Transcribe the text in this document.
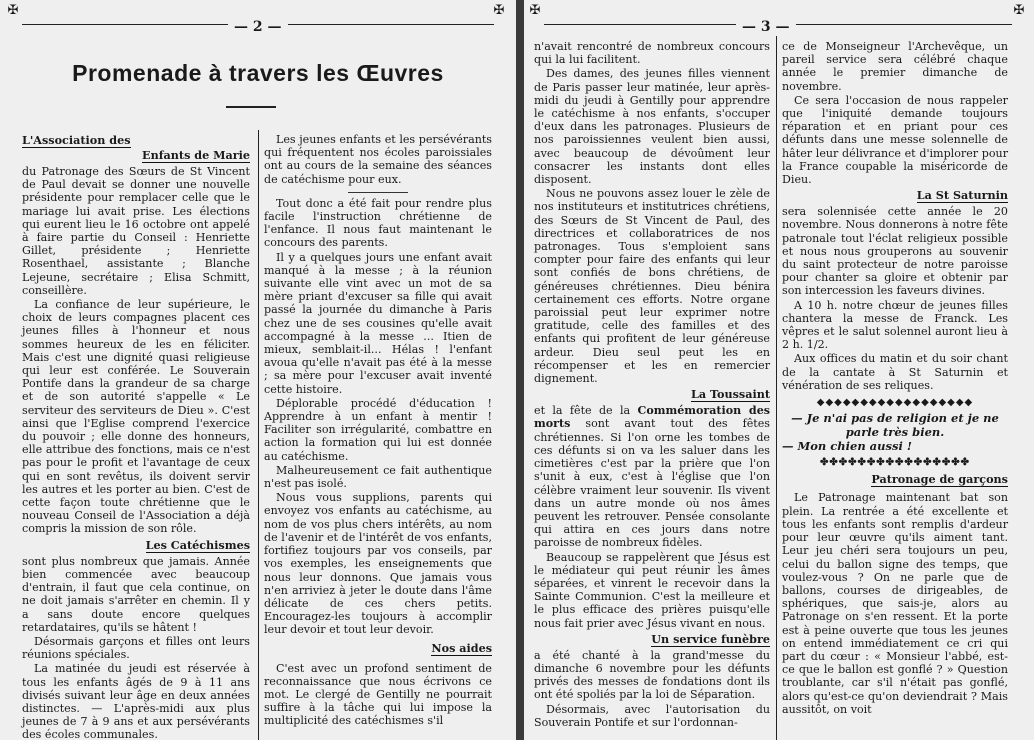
✠	✠
— 2 —
Promenade à travers les Œuvres
L'Association des
Enfants de Marie

du Patronage des Sœurs de St Vincent de Paul devait se donner une nouvelle présidente pour remplacer celle que le mariage lui avait prise. Les élections qui eurent lieu le 16 octobre ont appelé à faire partie du Conseil : Henriette Gillet, présidente ; Henriette Rosenthael, assistante ; Blanche Lejeune, secrétaire ; Elisa Schmitt, conseillère.

La confiance de leur supérieure, le choix de leurs compagnes placent ces jeunes filles à l'honneur et nous sommes heureux de les en féliciter. Mais c'est une dignité quasi religieuse qui leur est conférée. Le Souverain Pontife dans la grandeur de sa charge et de son autorité s'appelle « Le serviteur des serviteurs de Dieu ». C'est ainsi que l'Eglise comprend l'exercice du pouvoir ; elle donne des honneurs, elle attribue des fonctions, mais ce n'est pas pour le profit et l'avantage de ceux qui en sont revêtus, ils doivent servir les autres et les porter au bien. C'est de cette façon toute chrétienne que le nouveau Conseil de l'Association a déjà compris la mission de son rôle.

Les Catéchismes

sont plus nombreux que jamais. Année bien commencée avec beaucoup d'entrain, il faut que cela continue, on ne doit jamais s'arrêter en chemin. Il y a sans doute encore quelques retardataires, qu'ils se hâtent !

Désormais garçons et filles ont leurs réunions spéciales.

La matinée du jeudi est réservée à tous les enfants âgés de 9 à 11 ans divisés suivant leur âge en deux années distinctes. — L'après-midi aux plus jeunes de 7 à 9 ans et aux persévérants des écoles communales.

Les jeunes enfants et les persévérants qui fréquentent nos écoles paroissiales ont au cours de la semaine des séances de catéchisme pour eux.

Tout donc a été fait pour rendre plus facile l'instruction chrétienne de l'enfance. Il nous faut maintenant le concours des parents.

Il y a quelques jours une enfant avait manqué à la messe ; à la réunion suivante elle vint avec un mot de sa mère priant d'excuser sa fille qui avait passé la journée du dimanche à Paris chez une de ses cousines qu'elle avait accompagné à la messe ... Itien de mieux, semblait-il... Hélas ! l'enfant avoua qu'elle n'avait pas été à la messe ; sa mère pour l'excuser avait inventé cette histoire.

Déplorable procédé d'éducation ! Apprendre à un enfant à mentir ! Faciliter son irrégularité, combattre en action la formation qui lui est donnée au catéchisme.

Malheureusement ce fait authentique n'est pas isolé.

Nous vous supplions, parents qui envoyez vos enfants au catéchisme, au nom de vos plus chers intérêts, au nom de l'avenir et de l'intérêt de vos enfants, fortifiez toujours par vos conseils, par vos exemples, les enseignements que nous leur donnons. Que jamais vous n'en arriviez à jeter le doute dans l'âme délicate de ces chers petits. Encouragez-les toujours à accomplir leur devoir et tout leur devoir.

Nos aides

C'est avec un profond sentiment de reconnaissance que nous écrivons ce mot. Le clergé de Gentilly ne pourrait suffire à la tâche qui lui impose la multiplicité des catéchismes s'il

✠	✠
— 3 —

n'avait rencontré de nombreux concours qui la lui facilitent.

Des dames, des jeunes filles viennent de Paris passer leur matinée, leur après-midi du jeudi à Gentilly pour apprendre le catéchisme à nos enfants, s'occuper d'eux dans les patronages. Plusieurs de nos paroissiennes veulent bien aussi, avec beaucoup de dévoûment leur consacrer les instants dont elles disposent.

Nous ne pouvons assez louer le zèle de nos instituteurs et institutrices chrétiens, des Sœurs de St Vincent de Paul, des directrices et collaboratrices de nos patronages. Tous s'emploient sans compter pour faire des enfants qui leur sont confiés de bons chrétiens, de généreuses chrétiennes. Dieu bénira certainement ces efforts. Notre organe paroissial peut leur exprimer notre gratitude, celle des familles et des enfants qui profitent de leur généreuse ardeur. Dieu seul peut les en récompenser et les en remercier dignement.

La Toussaint

et la fête de la Commémoration des morts sont avant tout des fêtes chrétiennes. Si l'on orne les tombes de ces défunts si on va les saluer dans les cimetières c'est par la prière que l'on s'unit à eux, c'est à l'église que l'on célèbre vraiment leur souvenir. Ils vivent dans un autre monde où nos âmes peuvent les retrouver. Pensée consolante qui attira en ces jours dans notre paroisse de nombreux fidèles.

Beaucoup se rappelèrent que Jésus est le médiateur qui peut réunir les âmes séparées, et vinrent le recevoir dans la Sainte Communion. C'est la meilleure et le plus efficace des prières puisqu'elle nous fait prier avec Jésus vivant en nous.

Un service funèbre

a été chanté à la grand'messe du dimanche 6 novembre pour les défunts privés des messes de fondations dont ils ont été spoliés par la loi de Séparation.

Désormais, avec l'autorisation du Souverain Pontife et sur l'ordonnan-

ce de Monseigneur l'Archevêque, un pareil service sera célébré chaque année le premier dimanche de novembre.

Ce sera l'occasion de nous rappeler que l'iniquité demande toujours réparation et en priant pour ces défunts dans une messe solennelle de hâter leur délivrance et d'implorer pour la France coupable la miséricorde de Dieu.

La St Saturnin

sera solennisée cette année le 20 novembre. Nous donnerons à notre fête patronale tout l'éclat religieux possible et nous nous grouperons au souvenir du saint protecteur de notre paroisse pour chanter sa gloire et obtenir par son intercession les faveurs divines.

A 10 h. notre chœur de jeunes filles chantera la messe de Franck. Les vêpres et le salut solennel auront lieu à 2 h. 1/2.

Aux offices du matin et du soir chant de la cantate à St Saturnin et vénération de ses reliques.

◆◆◆◆◆◆◆◆◆◆◆◆◆◆◆◆◆◆
— Je n'ai pas de religion et je ne parle très bien.
— Mon chien aussi !
✤✤✤✤✤✤✤✤✤✤✤✤✤✤✤✤
Patronage de garçons

Le Patronage maintenant bat son plein. La rentrée a été excellente et tous les enfants sont remplis d'ardeur pour leur œuvre qu'ils aiment tant. Leur jeu chéri sera toujours un peu, celui du ballon signe des temps, que voulez-vous ? On ne parle que de ballons, courses de dirigeables, de sphériques, que sais-je, alors au Patronage on s'en ressent. Et la porte est à peine ouverte que tous les jeunes on entend immédiatement ce cri qui part du cœur : « Monsieur l'abbé, est-ce que le ballon est gonflé ? » Question troublante, car s'il n'était pas gonflé, alors qu'est-ce qu'on deviendrait ? Mais aussitôt, on voit
